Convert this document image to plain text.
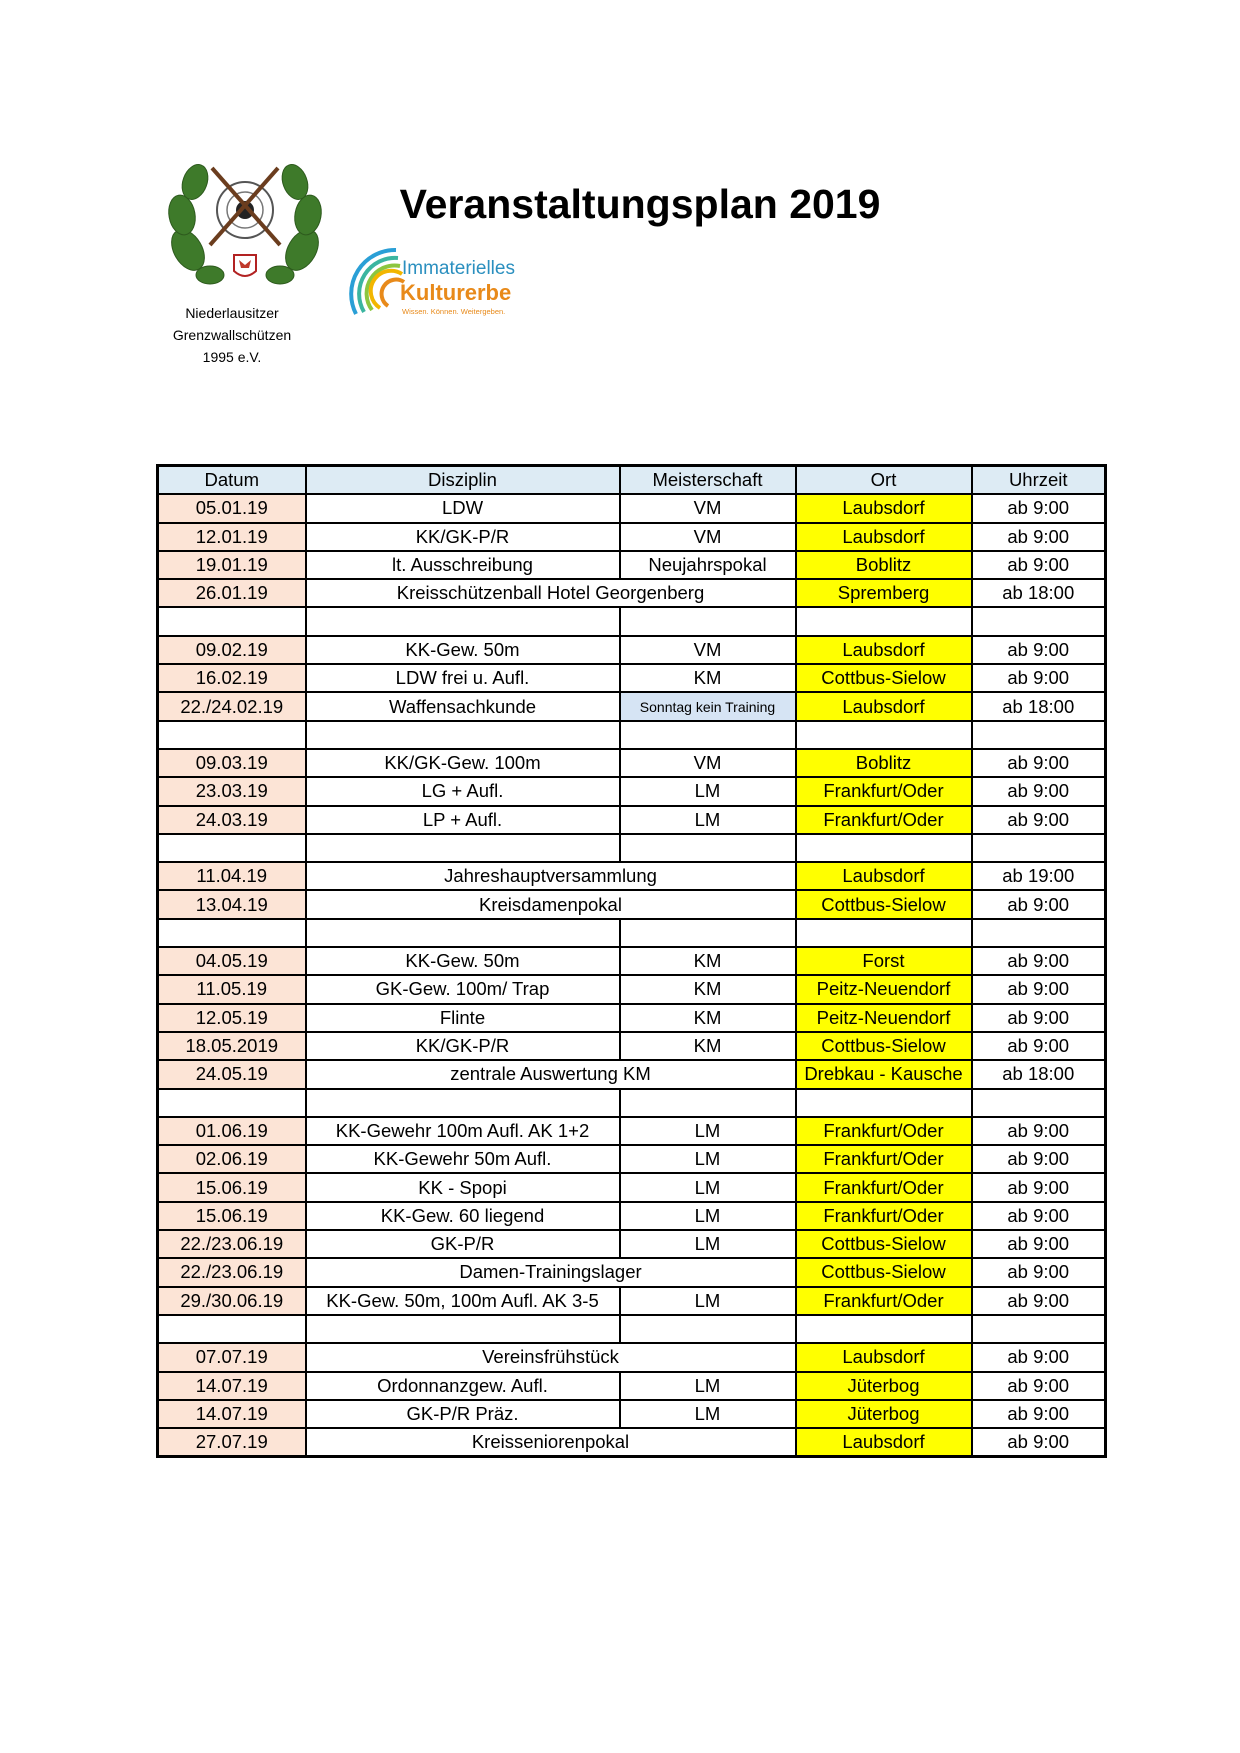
Veranstaltungsplan 2019
Niederlausitzer
Grenzwallschützen
1995 e.V.
Immaterielles
Kulturerbe
Wissen. Können. Weitergeben.
Datum	Disziplin	Meisterschaft	Ort	Uhrzeit
05.01.19	LDW	VM	Laubsdorf	ab 9:00
12.01.19	KK/GK-P/R	VM	Laubsdorf	ab 9:00
19.01.19	lt. Ausschreibung	Neujahrspokal	Boblitz	ab 9:00
26.01.19	Kreisschützenball Hotel Georgenberg		Spremberg	ab 18:00

09.02.19	KK-Gew. 50m	VM	Laubsdorf	ab 9:00
16.02.19	LDW frei u. Aufl.	KM	Cottbus-Sielow	ab 9:00
22./24.02.19	Waffensachkunde	Sonntag kein Training	Laubsdorf	ab 18:00

09.03.19	KK/GK-Gew. 100m	VM	Boblitz	ab 9:00
23.03.19	LG + Aufl.	LM	Frankfurt/Oder	ab 9:00
24.03.19	LP + Aufl.	LM	Frankfurt/Oder	ab 9:00

11.04.19	Jahreshauptversammlung		Laubsdorf	ab 19:00
13.04.19	Kreisdamenpokal		Cottbus-Sielow	ab 9:00

04.05.19	KK-Gew. 50m	KM	Forst	ab 9:00
11.05.19	GK-Gew. 100m/ Trap	KM	Peitz-Neuendorf	ab 9:00
12.05.19	Flinte	KM	Peitz-Neuendorf	ab 9:00
18.05.2019	KK/GK-P/R	KM	Cottbus-Sielow	ab 9:00
24.05.19	zentrale Auswertung KM		Drebkau - Kausche	ab 18:00

01.06.19	KK-Gewehr 100m Aufl. AK 1+2	LM	Frankfurt/Oder	ab 9:00
02.06.19	KK-Gewehr 50m Aufl.	LM	Frankfurt/Oder	ab 9:00
15.06.19	KK - Spopi	LM	Frankfurt/Oder	ab 9:00
15.06.19	KK-Gew. 60 liegend	LM	Frankfurt/Oder	ab 9:00
22./23.06.19	GK-P/R	LM	Cottbus-Sielow	ab 9:00
22./23.06.19	Damen-Trainingslager		Cottbus-Sielow	ab 9:00
29./30.06.19	KK-Gew. 50m, 100m Aufl. AK 3-5	LM	Frankfurt/Oder	ab 9:00

07.07.19	Vereinsfrühstück		Laubsdorf	ab 9:00
14.07.19	Ordonnanzgew. Aufl.	LM	Jüterbog	ab 9:00
14.07.19	GK-P/R Präz.	LM	Jüterbog	ab 9:00
27.07.19	Kreisseniorenpokal		Laubsdorf	ab 9:00
